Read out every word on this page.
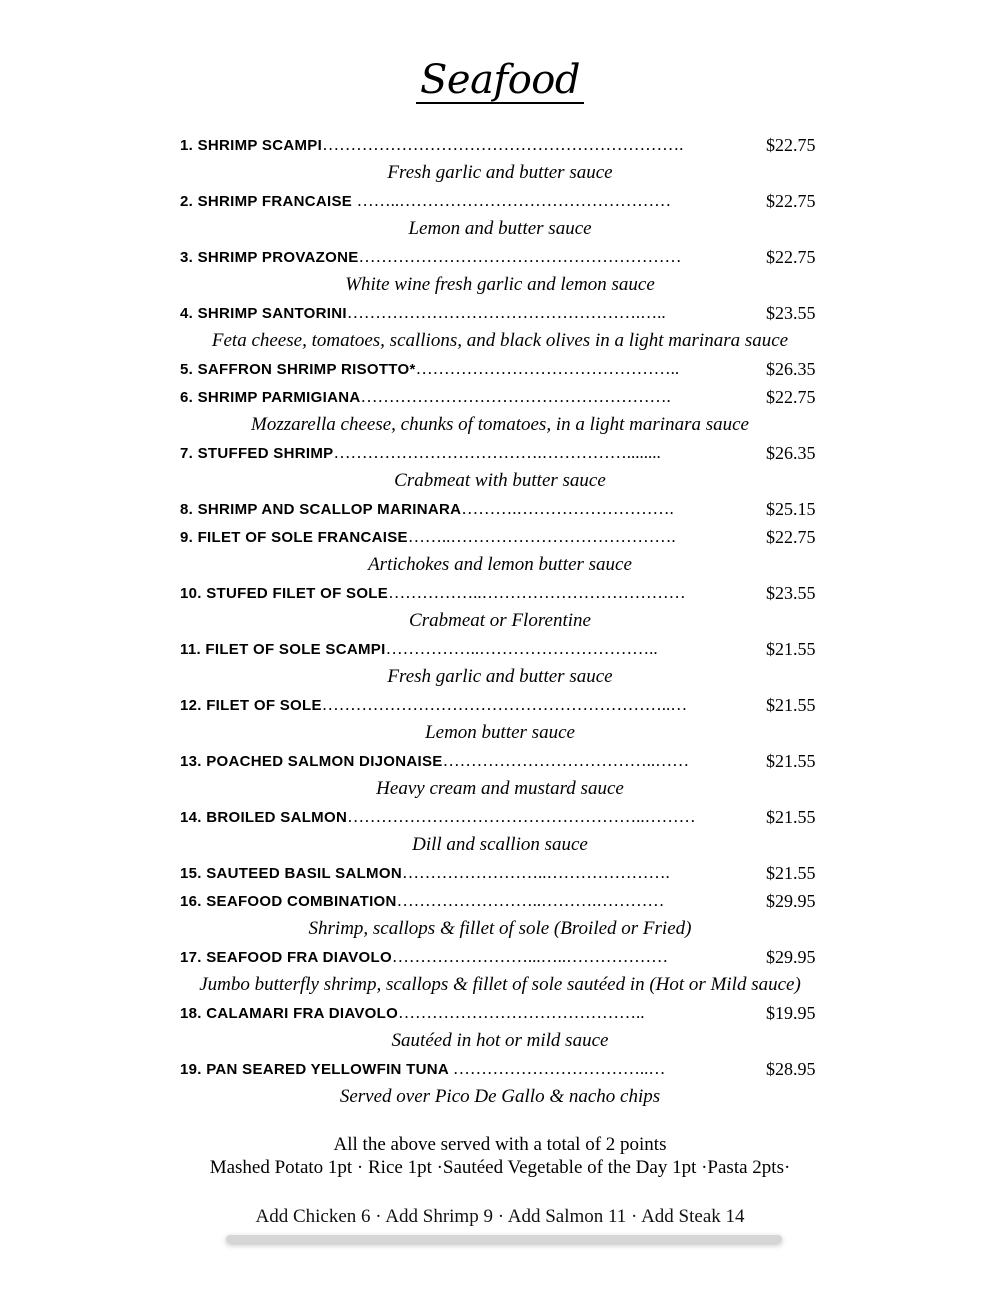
Seafood
1. SHRIMP SCAMPI……………………………………………………….	$22.75
Fresh garlic and butter sauce
2. SHRIMP FRANCAISE ……..…………………………………………	$22.75
Lemon and butter sauce
3. SHRIMP PROVAZONE…………………………………………………	$22.75
White wine fresh garlic and lemon sauce
4. SHRIMP SANTORINI…………………………………………….…..	$23.55
Feta cheese, tomatoes, scallions, and black olives in a light marinara sauce
5. SAFFRON SHRIMP RISOTTO*………………………………………..	$26.35
6. SHRIMP PARMIGIANA……………………………………………….	$22.75
Mozzarella cheese, chunks of tomatoes, in a light marinara sauce
7. STUFFED SHRIMP……………………………….……………........	$26.35
Crabmeat with butter sauce
8. SHRIMP AND SCALLOP MARINARA……….……………………….	$25.15
9. FILET OF SOLE FRANCAISE……..………………………………….	$22.75
Artichokes and lemon butter sauce
10. STUFED FILET OF SOLE……………..………………………………	$23.55
Crabmeat or Florentine
11. FILET OF SOLE SCAMPI……………..…………………………..	$21.55
Fresh garlic and butter sauce
12. FILET OF SOLE……………………………………………………..…	$21.55
Lemon butter sauce
13. POACHED SALMON DIJONAISE………………………………..……	$21.55
Heavy cream and mustard sauce
14. BROILED SALMON……………………………………………..………	$21.55
Dill and scallion sauce
15. SAUTEED BASIL SALMON……………………..………………….	$21.55
16. SEAFOOD COMBINATION……………………..……….…………	$29.95
Shrimp, scallops & fillet of sole (Broiled or Fried)
17. SEAFOOD FRA DIAVOLO……………………...…..………………	$29.95
Jumbo butterfly shrimp, scallops & fillet of sole sautéed in (Hot or Mild sauce)
18. CALAMARI FRA DIAVOLO……………………………………..	$19.95
Sautéed in hot or mild sauce
19. PAN SEARED YELLOWFIN TUNA ……………………………..…	$28.95
Served over Pico De Gallo & nacho chips
All the above served with a total of 2 points
Mashed Potato 1pt · Rice 1pt ·Sautéed Vegetable of the Day 1pt ·Pasta 2pts·
Add Chicken 6 · Add Shrimp 9 · Add Salmon 11 · Add Steak 14
